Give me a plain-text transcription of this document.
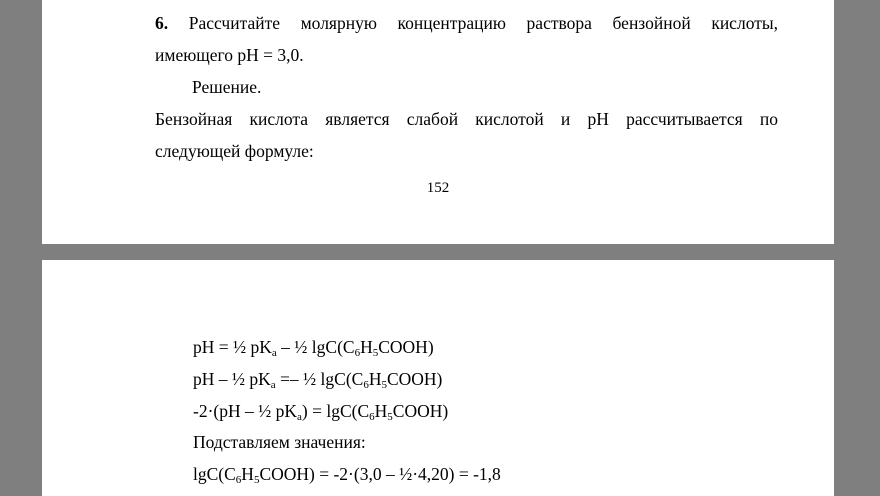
6. Рассчитайте молярную концентрацию раствора бензойной кислоты,
имеющего pH = 3,0.
Решение.
Бензойная кислота является слабой кислотой и pH рассчитывается по
следующей формуле:
152
pH = ½ $pK_a$ – ½ $\lg C(C_6H_5COOH)$
pH – ½ $pK_a$ =– ½ $\lg C(C_6H_5COOH)$
-2·(pH – ½ $pK_a$) = $\lg C(C_6H_5COOH)$
Подставляем значения:
$\lg C(C_6H_5COOH) = -2\cdot(3,0$ – ½·4,20) = -1,8
